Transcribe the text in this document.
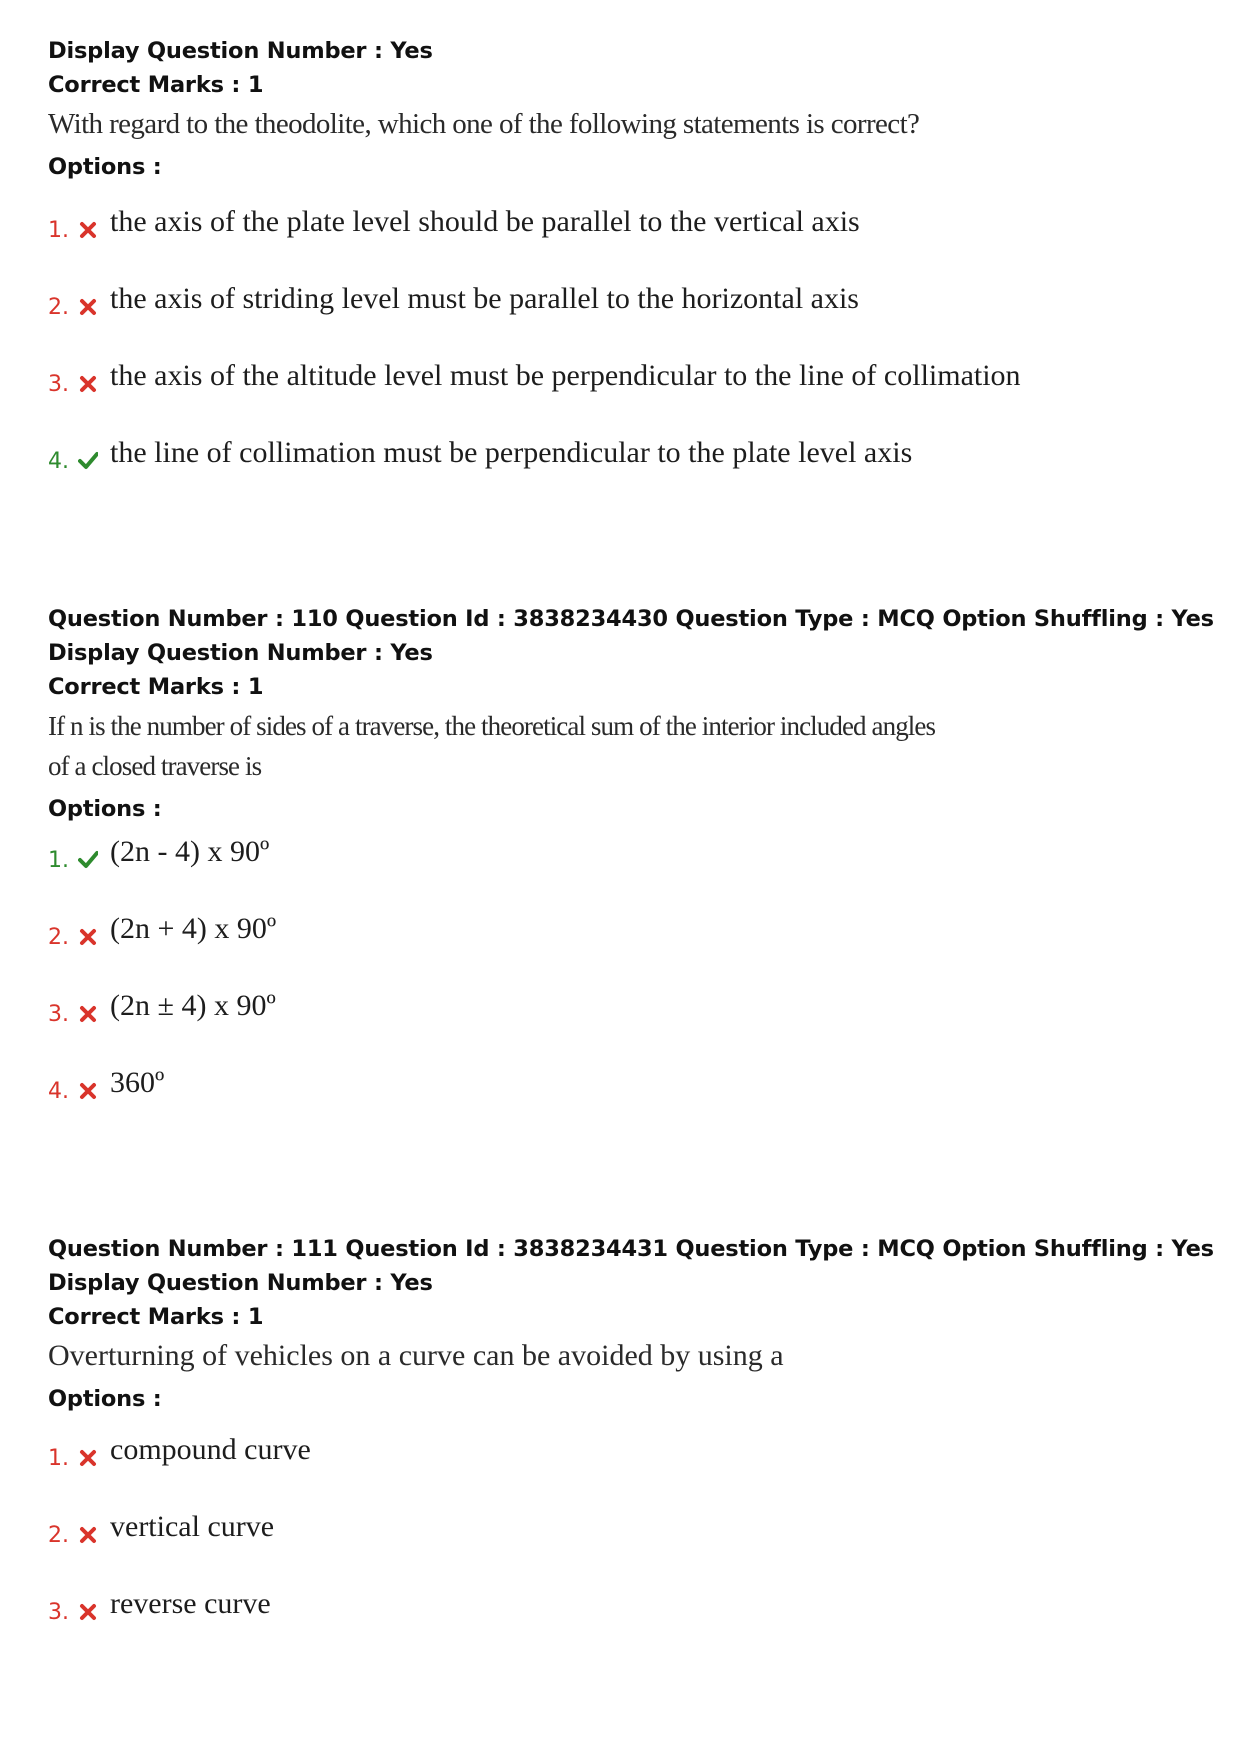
Display Question Number : Yes
Correct Marks : 1
With regard to the theodolite, which one of the following statements is correct?
Options :
1. the axis of the plate level should be parallel to the vertical axis
2. the axis of striding level must be parallel to the horizontal axis
3. the axis of the altitude level must be perpendicular to the line of collimation
4. the line of collimation must be perpendicular to the plate level axis
Question Number : 110 Question Id : 3838234430 Question Type : MCQ Option Shuffling : Yes
Display Question Number : Yes
Correct Marks : 1
If n is the number of sides of a traverse, the theoretical sum of the interior included angles
of a closed traverse is
Options :
1. (2n - 4) x 90º
2. (2n + 4) x 90º
3. (2n ± 4) x 90º
4. 360º
Question Number : 111 Question Id : 3838234431 Question Type : MCQ Option Shuffling : Yes
Display Question Number : Yes
Correct Marks : 1
Overturning of vehicles on a curve can be avoided by using a
Options :
1. compound curve
2. vertical curve
3. reverse curve
